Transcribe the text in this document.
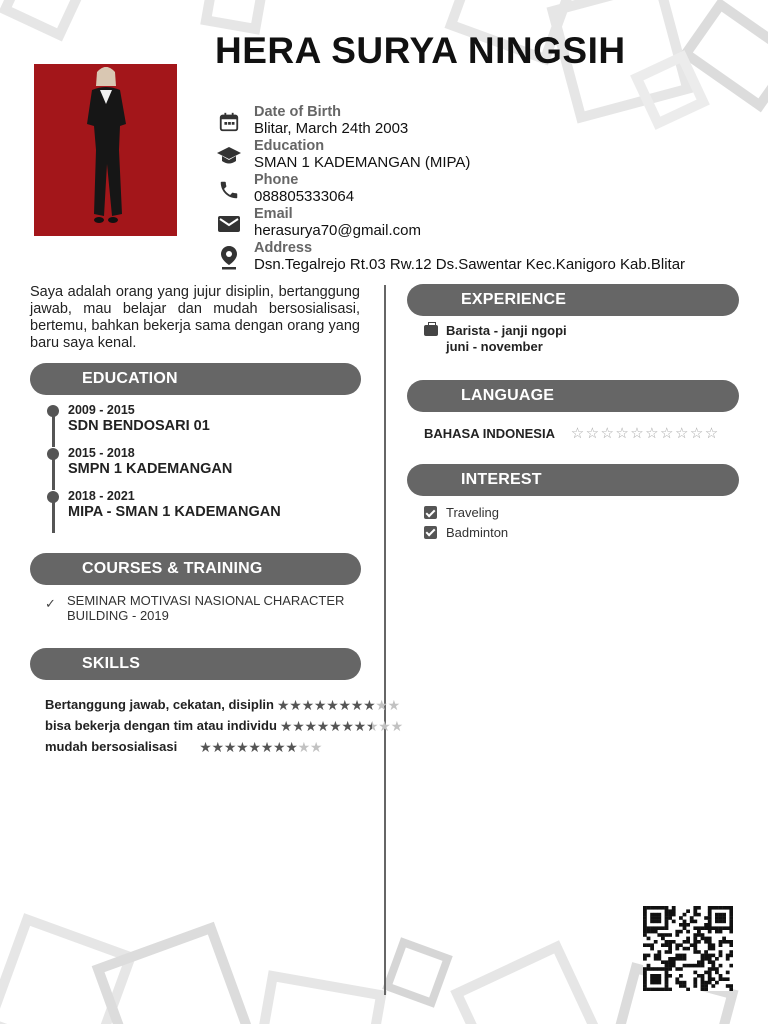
HERA SURYA NINGSIH
Date of Birth
Blitar, March 24th 2003
Education
SMAN 1 KADEMANGAN (MIPA)
Phone
088805333064
Email
herasurya70@gmail.com
Address
Dsn.Tegalrejo Rt.03 Rw.12 Ds.Sawentar Kec.Kanigoro Kab.Blitar

Saya adalah orang yang jujur disiplin, bertanggung jawab, mau belajar dan mudah bersosialisasi, bertemu, bahkan bekerja sama dengan orang yang baru saya kenal.

EDUCATION
2009 - 2015
SDN BENDOSARI 01
2015 - 2018
SMPN 1 KADEMANGAN
2018 - 2021
MIPA - SMAN 1 KADEMANGAN
COURSES & TRAINING
✓ SEMINAR MOTIVASI NASIONAL CHARACTER BUILDING - 2019
SKILLS
Bertanggung jawab, cekatan, disiplin ★ ★ ★ ★ ★ ★ ★ ★ ★ ★
bisa bekerja dengan tim atau individu ★ ★ ★ ★ ★ ★ ★ ★ ★ ★
mudah bersosialisasi ★ ★ ★ ★ ★ ★ ★ ★ ★ ★
EXPERIENCE
Barista - janji ngopi
juni - november
LANGUAGE
BAHASA INDONESIA ☆ ☆ ☆ ☆ ☆ ☆ ☆ ☆ ☆ ☆
INTEREST
Traveling
Badminton
